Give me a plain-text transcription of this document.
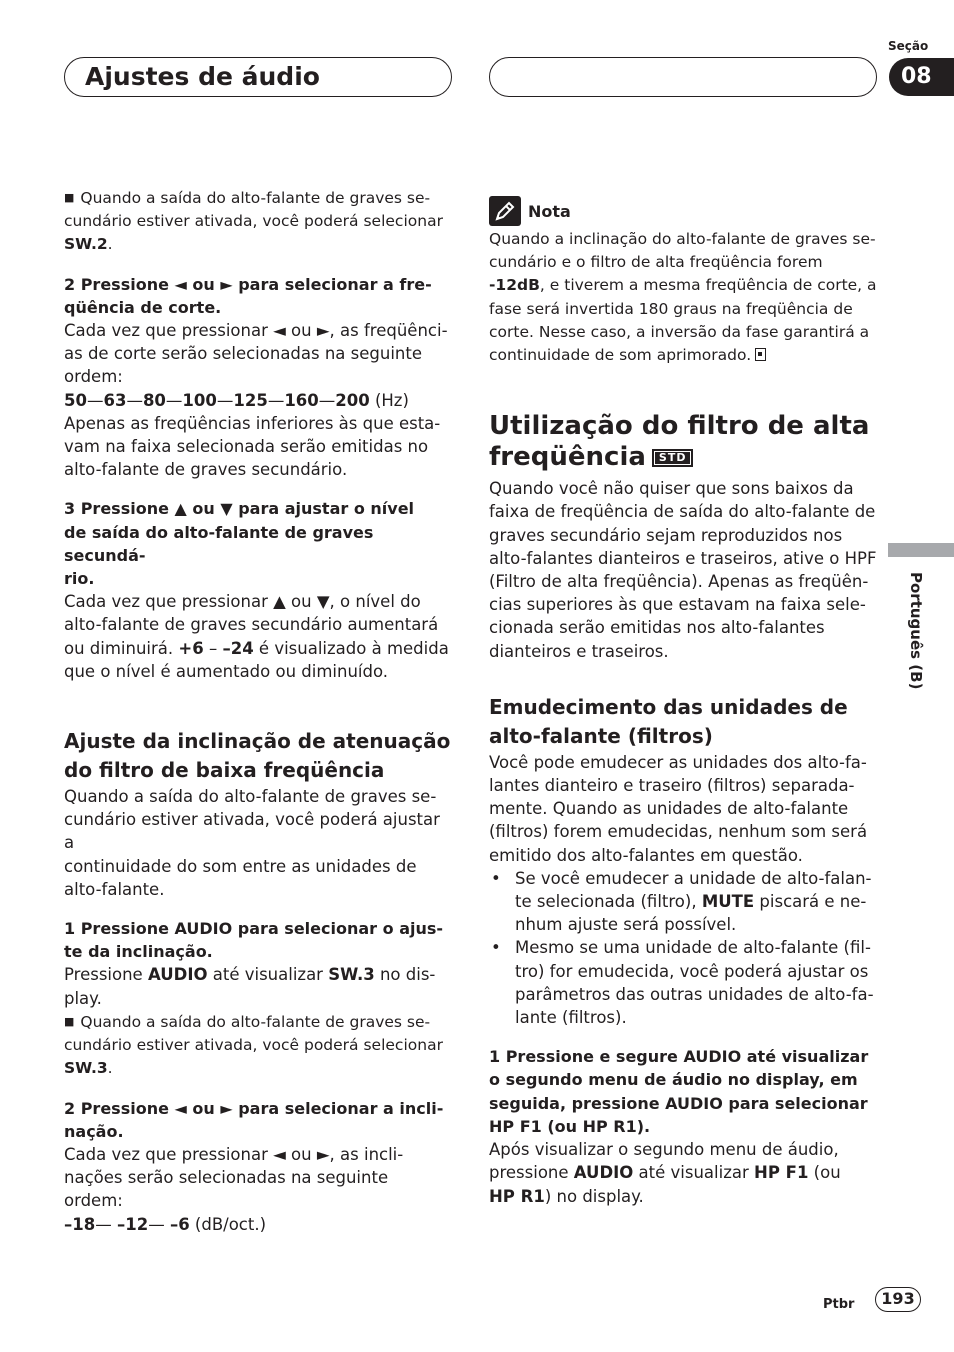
Ajustes de áudio
Seção
08
Português (B)

■ Quando a saída do alto-falante de graves se-

cundário estiver ativada, você poderá selecionar

SW.2.

2 Pressione ◄ ou ► para selecionar a fre-

qüência de corte.

Cada vez que pressionar ◄ ou ►, as freqüênci-

as de corte serão selecionadas na seguinte

ordem:

50—63—80—100—125—160—200 (Hz)

Apenas as freqüências inferiores às que esta-

vam na faixa selecionada serão emitidas no

alto-falante de graves secundário.

3 Pressione ▲ ou ▼ para ajustar o nível

de saída do alto-falante de graves secundá-

rio.

Cada vez que pressionar ▲ ou ▼, o nível do

alto-falante de graves secundário aumentará

ou diminuirá. +6 – –24 é visualizado à medida

que o nível é aumentado ou diminuído.

Ajuste da inclinação de atenuação

do filtro de baixa freqüência

Quando a saída do alto-falante de graves se-

cundário estiver ativada, você poderá ajustar a

continuidade do som entre as unidades de

alto-falante.

1 Pressione AUDIO para selecionar o ajus-

te da inclinação.

Pressione AUDIO até visualizar SW.3 no dis-

play.

■ Quando a saída do alto-falante de graves se-

cundário estiver ativada, você poderá selecionar

SW.3.

2 Pressione ◄ ou ► para selecionar a incli-

nação.

Cada vez que pressionar ◄ ou ►, as incli-

nações serão selecionadas na seguinte

ordem:

–18— –12— –6 (dB/oct.)

Nota

Quando a inclinação do alto-falante de graves se-

cundário e o filtro de alta freqüência forem

-12dB, e tiverem a mesma freqüência de corte, a

fase será invertida 180 graus na freqüência de

corte. Nesse caso, a inversão da fase garantirá a

continuidade de som aprimorado.

Utilização do filtro de alta

freqüência STD

Quando você não quiser que sons baixos da

faixa de freqüência de saída do alto-falante de

graves secundário sejam reproduzidos nos

alto-falantes dianteiros e traseiros, ative o HPF

(Filtro de alta freqüência). Apenas as freqüên-

cias superiores às que estavam na faixa sele-

cionada serão emitidas nos alto-falantes

dianteiros e traseiros.

Emudecimento das unidades de

alto-falante (filtros)

Você pode emudecer as unidades dos alto-fa-

lantes dianteiro e traseiro (filtros) separada-

mente. Quando as unidades de alto-falante

(filtros) forem emudecidas, nenhum som será

emitido dos alto-falantes em questão.

• Se você emudecer a unidade de alto-falan-

te selecionada (filtro), MUTE piscará e ne-

nhum ajuste será possível.

• Mesmo se uma unidade de alto-falante (fil-

tro) for emudecida, você poderá ajustar os

parâmetros das outras unidades de alto-fa-

lante (filtros).

1 Pressione e segure AUDIO até visualizar

o segundo menu de áudio no display, em

seguida, pressione AUDIO para selecionar

HP F1 (ou HP R1).

Após visualizar o segundo menu de áudio,

pressione AUDIO até visualizar HP F1 (ou

HP R1) no display.

Ptbr	193
